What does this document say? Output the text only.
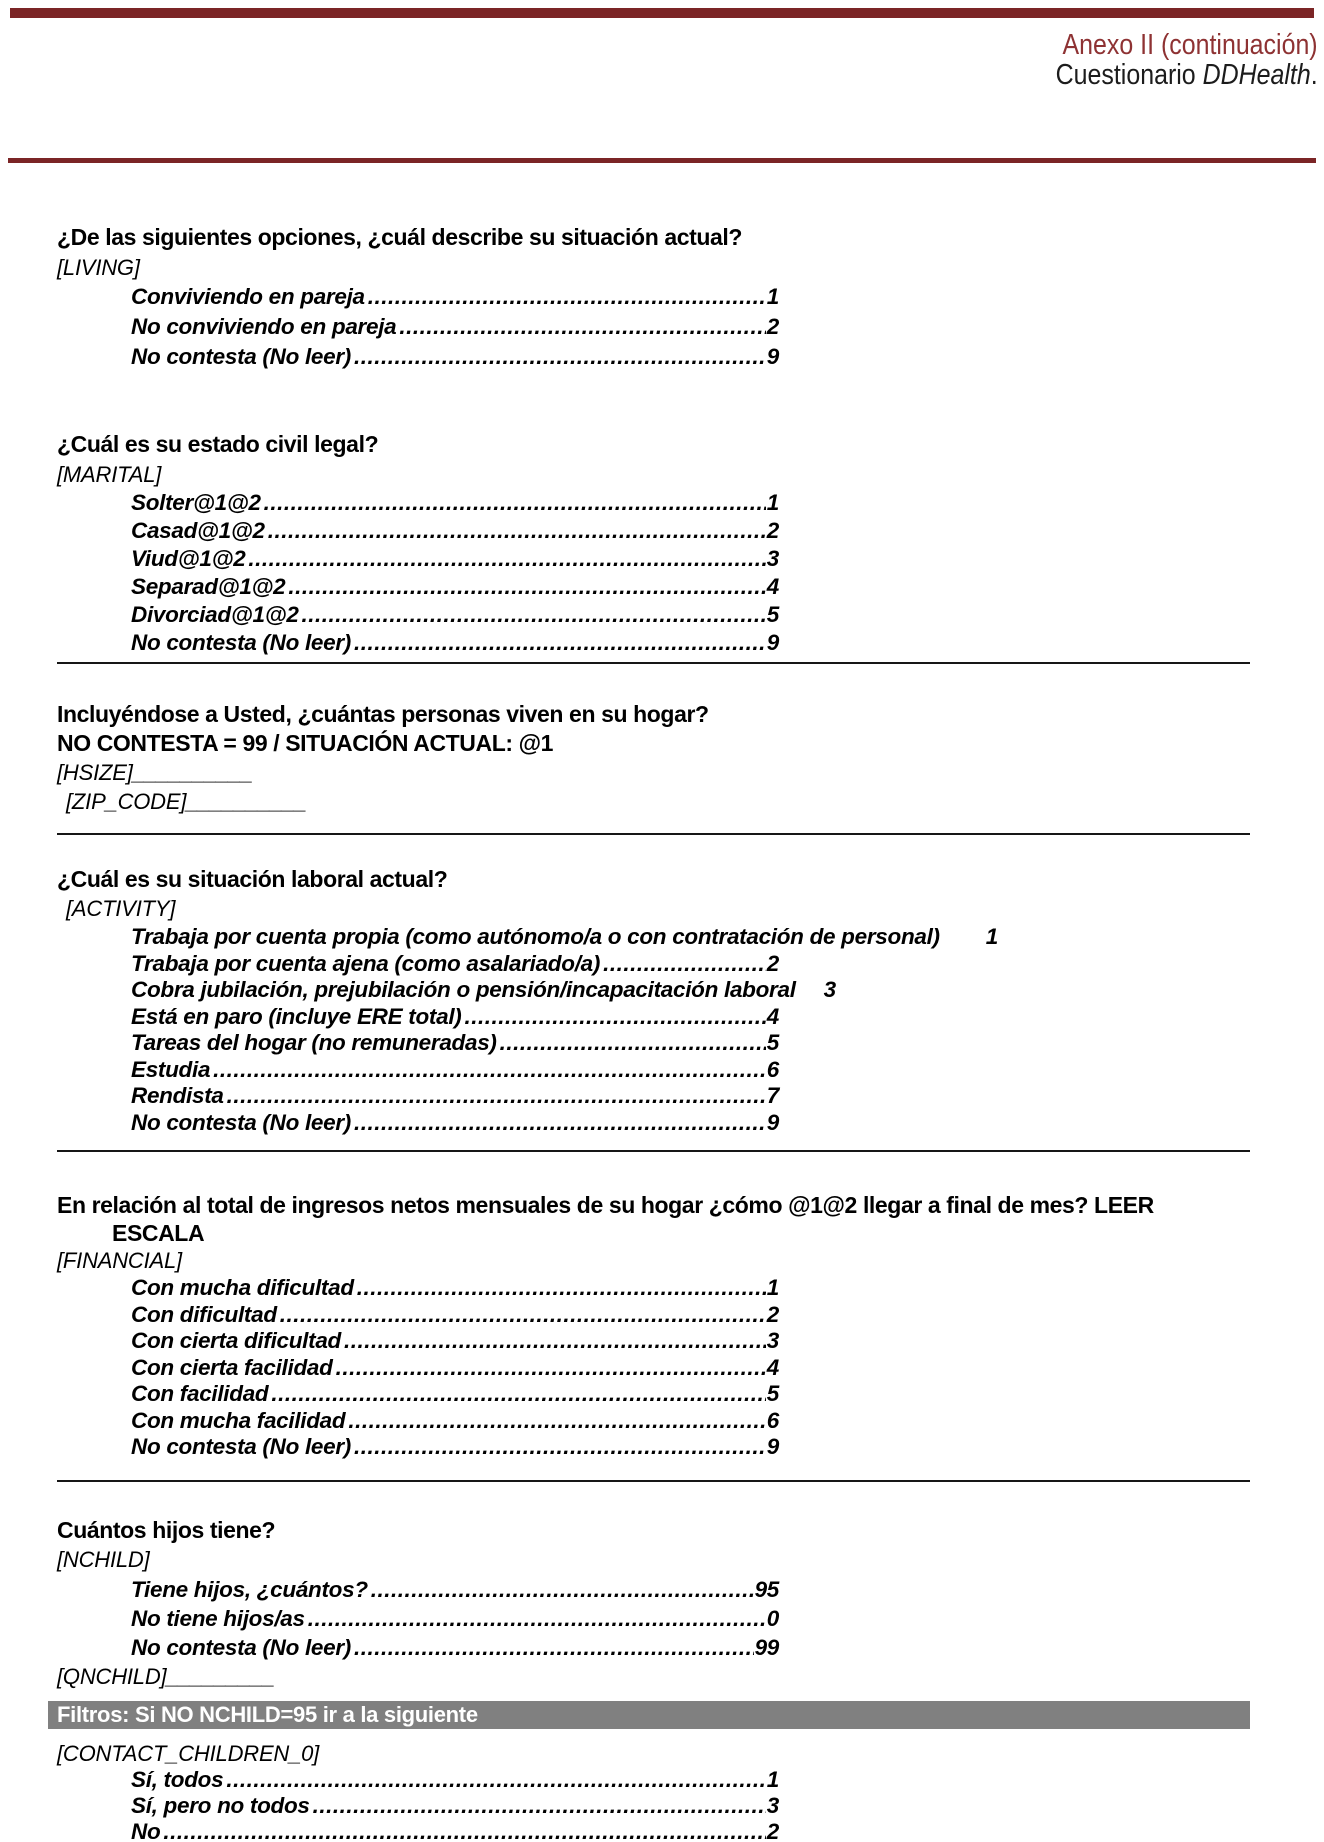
Anexo II (continuación)
Cuestionario DDHealth.
¿De las siguientes opciones, ¿cuál describe su situación actual?
[LIVING]
Conviviendo en pareja .....	1
No conviviendo en pareja .....	2
No contesta (No leer) .....	9
¿Cuál es su estado civil legal?
[MARITAL]
Solter@1@2 .....	1
Casad@1@2 .....	2
Viud@1@2 .....	3
Separad@1@2 .....	4
Divorciad@1@2 .....	5
No contesta (No leer) .....	9
Incluyéndose a Usted, ¿cuántas personas viven en su hogar?
NO CONTESTA = 99 / SITUACIÓN ACTUAL: @1
[HSIZE]__________
[ZIP_CODE]__________
¿Cuál es su situación laboral actual?
[ACTIVITY]
Trabaja por cuenta propia (como autónomo/a o con contratación de personal) 1
Trabaja por cuenta ajena (como asalariado/a) .....	2
Cobra jubilación, prejubilación o pensión/incapacitación laboral 3
Está en paro (incluye ERE total) .....	4
Tareas del hogar (no remuneradas) .....	5
Estudia .....	6
Rendista .....	7
No contesta (No leer) .....	9
En relación al total de ingresos netos mensuales de su hogar ¿cómo @1@2 llegar a final de mes? LEER
ESCALA
[FINANCIAL]
Con mucha dificultad .....	1
Con dificultad .....	2
Con cierta dificultad .....	3
Con cierta facilidad .....	4
Con facilidad .....	5
Con mucha facilidad .....	6
No contesta (No leer) .....	9
Cuántos hijos tiene?
[NCHILD]
Tiene hijos, ¿cuántos? .....	95
No tiene hijos/as .....	0
No contesta (No leer) .....	99
[QNCHILD]_________
Filtros: Si NO NCHILD=95 ir a la siguiente
[CONTACT_CHILDREN_0]
Sí, todos .....	1
Sí, pero no todos .....	3
No .....	2
